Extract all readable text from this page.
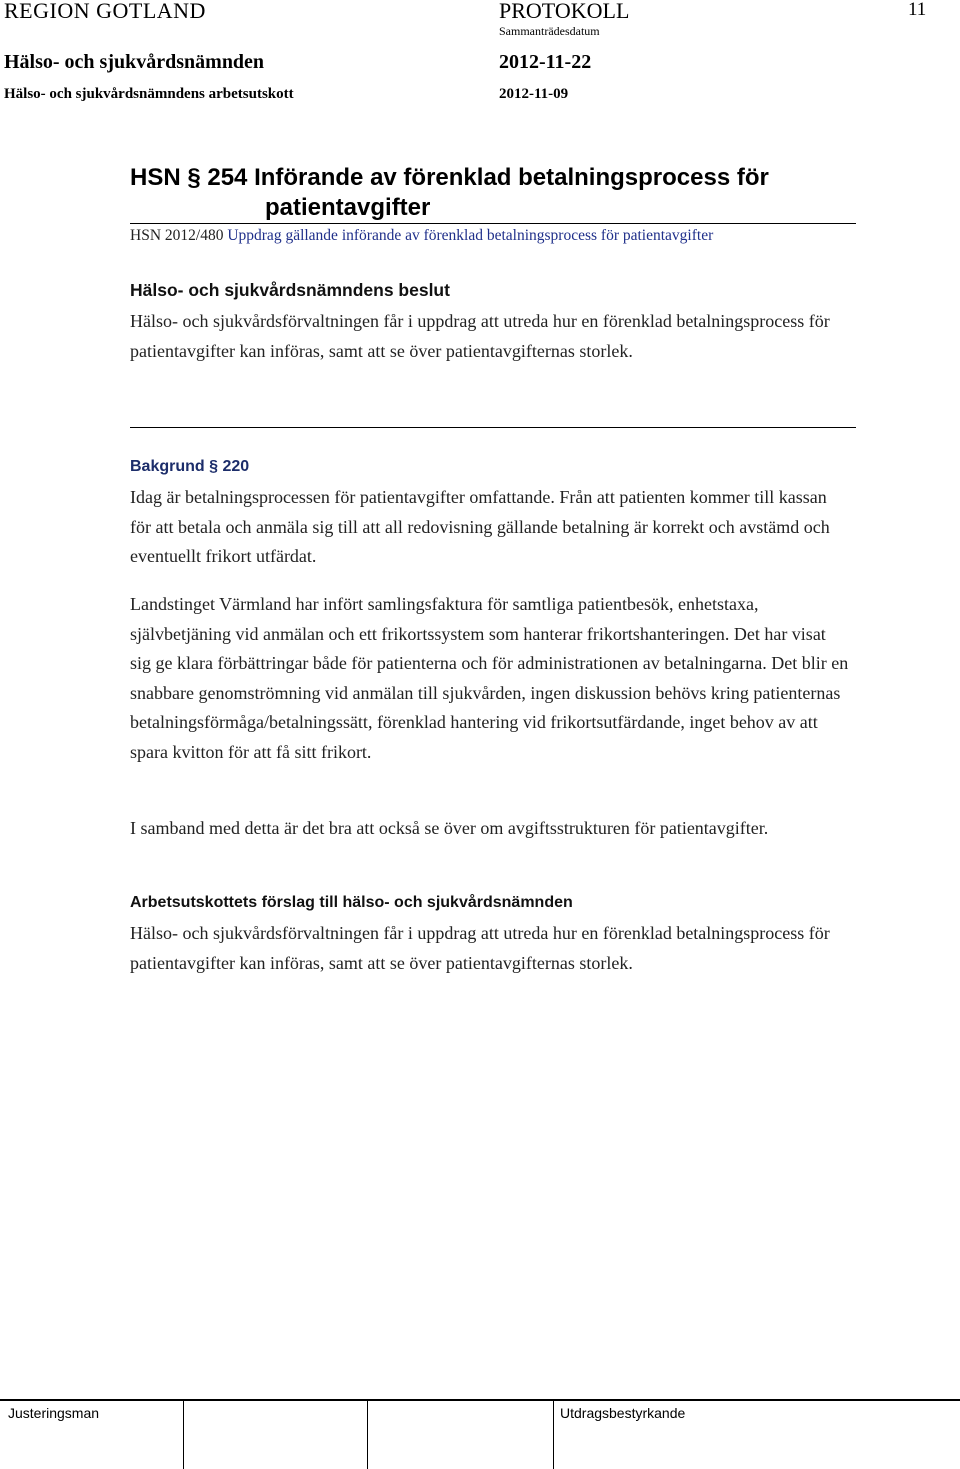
REGION GOTLAND	PROTOKOLL
Sammanträdesdatum
11
Hälso- och sjukvårdsnämnden	2012-11-22
Hälso- och sjukvårdsnämndens arbetsutskott	2012-11-09
HSN § 254 Införande av förenklad betalningsprocess för
patientavgifter
HSN 2012/480 Uppdrag gällande införande av förenklad betalningsprocess för patientavgifter
Hälso- och sjukvårdsnämndens beslut
Hälso- och sjukvårdsförvaltningen får i uppdrag att utreda hur en förenklad betalningsprocess för patientavgifter kan införas, samt att se över patientavgifternas storlek.
Bakgrund § 220
Idag är betalningsprocessen för patientavgifter omfattande. Från att patienten kommer till kassan för att betala och anmäla sig till att all redovisning gällande betalning är korrekt och avstämd och eventuellt frikort utfärdat.
Landstinget Värmland har infört samlingsfaktura för samtliga patientbesök, enhetstaxa, självbetjäning vid anmälan och ett frikortssystem som hanterar frikortshanteringen. Det har visat sig ge klara förbättringar både för patienterna och för administrationen av betalningarna. Det blir en snabbare genomströmning vid anmälan till sjukvården, ingen diskussion behövs kring patienternas betalningsförmåga/betalningssätt, förenklad hantering vid frikortsutfärdande, inget behov av att spara kvitton för att få sitt frikort.
I samband med detta är det bra att också se över om avgiftsstrukturen för patientavgifter.
Arbetsutskottets förslag till hälso- och sjukvårdsnämnden
Hälso- och sjukvårdsförvaltningen får i uppdrag att utreda hur en förenklad betalningsprocess för patientavgifter kan införas, samt att se över patientavgifternas storlek.
Justeringsman	Utdragsbestyrkande
